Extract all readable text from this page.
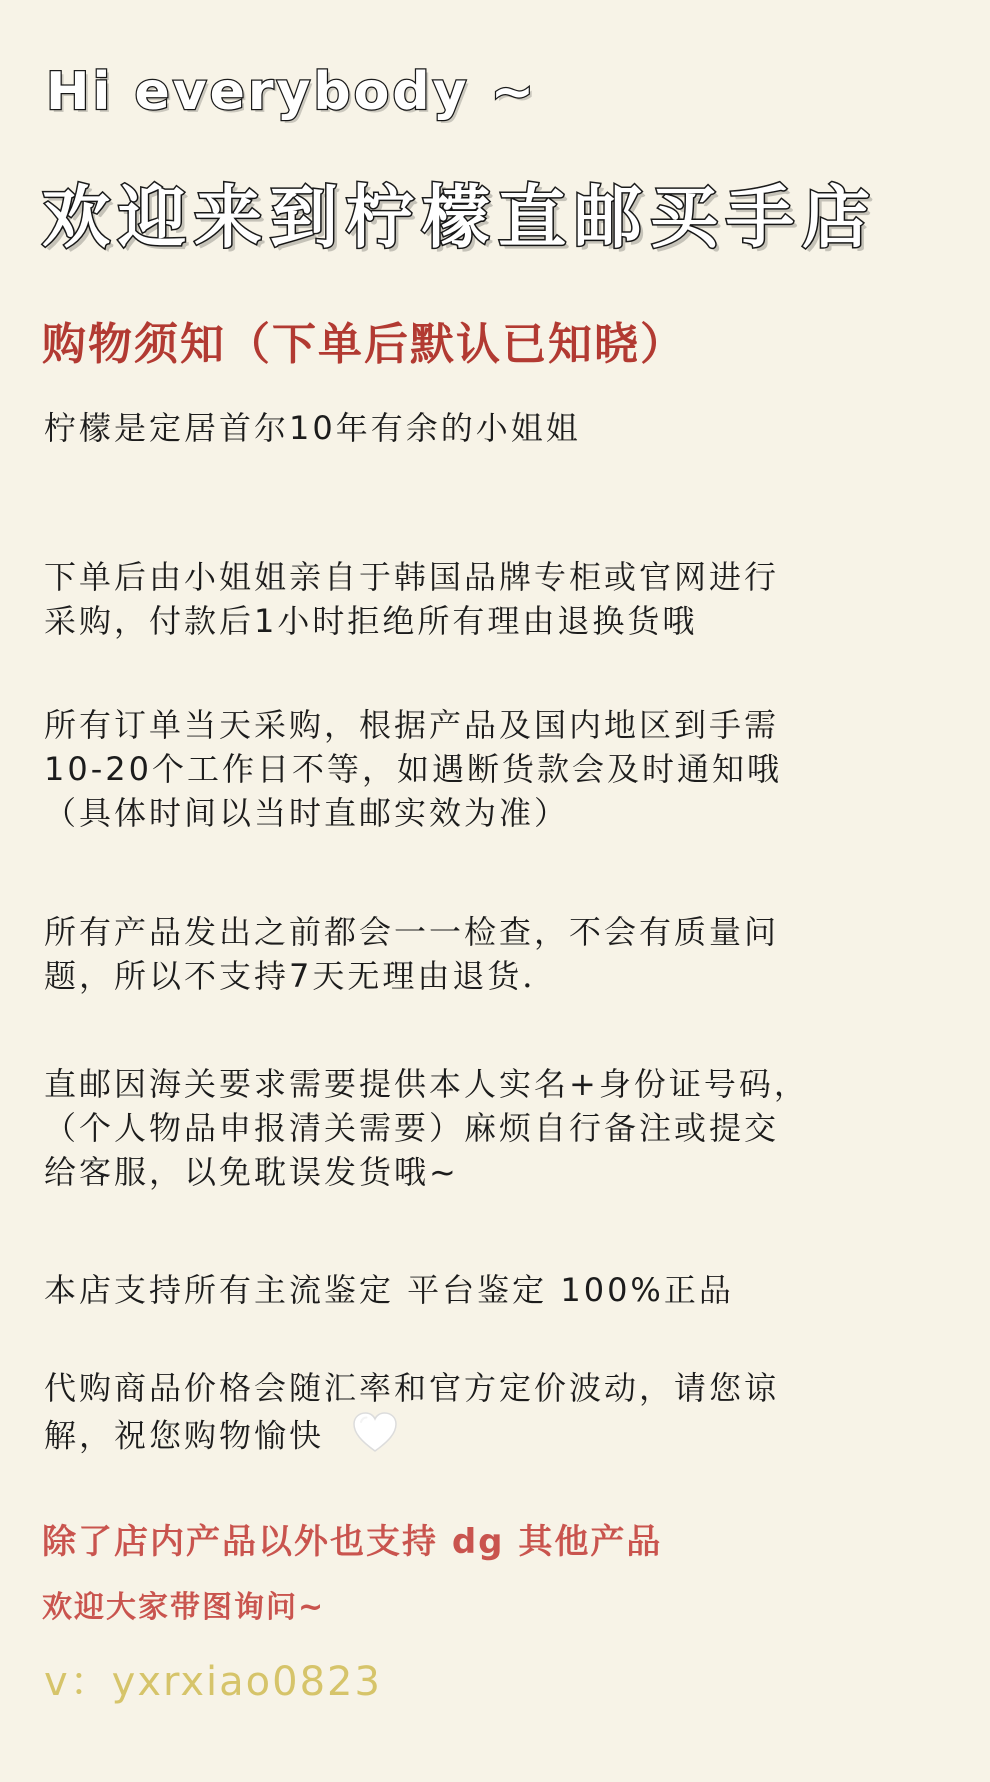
Hi everybody ~
欢迎来到柠檬直邮买手店
购物须知（下单后默认已知晓）
柠檬是定居首尔10年有余的小姐姐
下单后由小姐姐亲自于韩国品牌专柜或官网进行
采购，付款后1小时拒绝所有理由退换货哦
所有订单当天采购，根据产品及国内地区到手需
10-20个工作日不等，如遇断货款会及时通知哦
（具体时间以当时直邮实效为准）
所有产品发出之前都会一一检查，不会有质量问
题，所以不支持7天无理由退货．
直邮因海关要求需要提供本人实名+身份证号码，
（个人物品申报清关需要）麻烦自行备注或提交
给客服，以免耽误发货哦~
本店支持所有主流鉴定 平台鉴定 100%正品
代购商品价格会随汇率和官方定价波动，请您谅
解，祝您购物愉快
除了店内产品以外也支持 dg 其他产品
欢迎大家带图询问~
v：yxrxiao0823
